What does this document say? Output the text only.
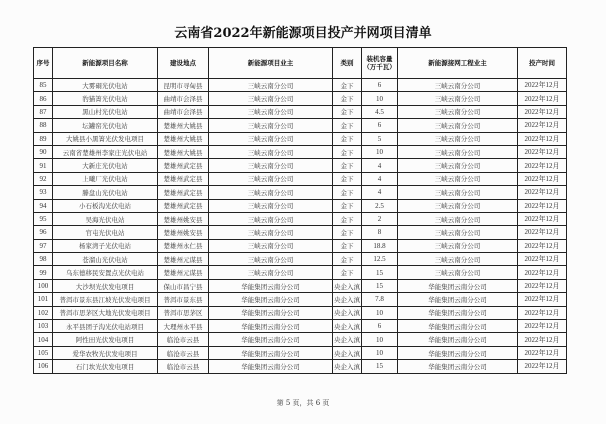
云南省2022年新能源项目投产并网项目清单
序号	新能源项目名称	建设地点	新能源项目业主	类别	装机容量（万千瓦）	新能源接网工程业主	投产时间
85	大雾硐光伏电站	昆明市寻甸县	三峡云南分公司	金下	6	三峡云南分公司	2022年12月
86	豹猫箐光伏电站	曲靖市会泽县	三峡云南分公司	金下	10	三峡云南分公司	2022年12月
87	黑山村光伏电站	曲靖市会泽县	三峡云南分公司	金下	4.5	三峡云南分公司	2022年12月
88	坛罐窑光伏电站	楚雄州大姚县	三峡云南分公司	金下	6	三峡云南分公司	2022年12月
89	大姚县小黑箐光伏发电项目	楚雄州大姚县	三峡云南分公司	金下	5	三峡云南分公司	2022年12月
90	云南省楚雄州李家庄光伏电站	楚雄州大姚县	三峡云南分公司	金下	10	三峡云南分公司	2022年12月
91	大新庄光伏电站	楚雄州武定县	三峡云南分公司	金下	4	三峡云南分公司	2022年12月
92	上曦厂光伏电站	楚雄州武定县	三峡云南分公司	金下	4	三峡云南分公司	2022年12月
93	滕盘山光伏电站	楚雄州武定县	三峡云南分公司	金下	4	三峡云南分公司	2022年12月
94	小石板沟光伏电站	楚雄州武定县	三峡云南分公司	金下	2.5	三峡云南分公司	2022年12月
95	吴海光伏电站	楚雄州姚安县	三峡云南分公司	金下	2	三峡云南分公司	2022年12月
96	官屯光伏电站	楚雄州姚安县	三峡云南分公司	金下	8	三峡云南分公司	2022年12月
97	杨家湾子光伏电站	楚雄州永仁县	三峡云南分公司	金下	18.8	三峡云南分公司	2022年12月
98	苍溜山光伏电站	楚雄州元谋县	三峡云南分公司	金下	12.5	三峡云南分公司	2022年12月
99	乌东德移民安置点光伏电站	楚雄州元谋县	三峡云南分公司	金下	15	三峡云南分公司	2022年12月
100	大沙坝光伏发电项目	保山市昌宁县	华能集团云南分公司	央企入滇	15	华能集团云南分公司	2022年12月
101	普洱市景东县江坡光伏发电项目	普洱市景东县	华能集团云南分公司	央企入滇	7.8	华能集团云南分公司	2022年12月
102	普洱市思茅区大地光伏发电项目	普洱市思茅区	华能集团云南分公司	央企入滇	10	华能集团云南分公司	2022年12月
103	永平县团子沟光伏电站项目	大理州永平县	华能集团云南分公司	央企入滇	6	华能集团云南分公司	2022年12月
104	阿性田光伏发电项目	临沧市云县	华能集团云南分公司	央企入滇	10	华能集团云南分公司	2022年12月
105	爱华农牧光伏发电项目	临沧市云县	华能集团云南分公司	央企入滇	10	华能集团云南分公司	2022年12月
106	石门坎光伏发电项目	临沧市云县	华能集团云南分公司	央企入滇	15	华能集团云南分公司	2022年12月
第 5 页，共 6 页
